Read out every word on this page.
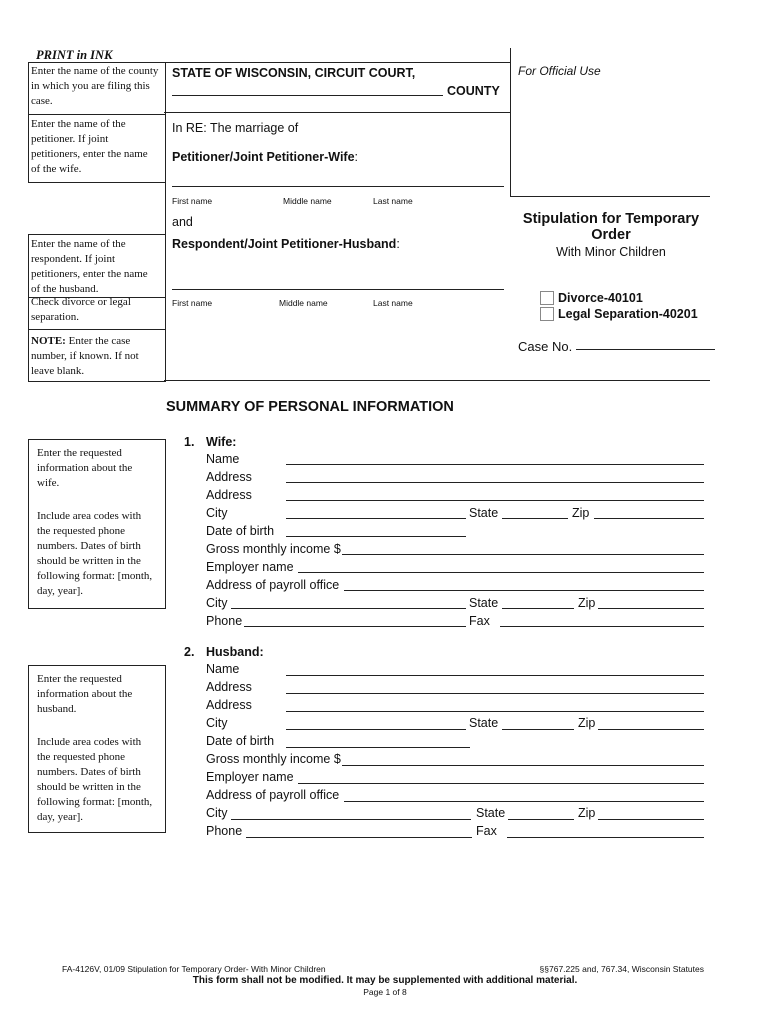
PRINT in INK
Enter the name of the county in which you are filing this case.
Enter the name of the petitioner. If joint petitioners, enter the name of the wife.
Enter the name of the respondent. If joint petitioners, enter the name of the husband.
Check divorce or legal separation.
NOTE: Enter the case number, if known. If not leave blank.
STATE OF WISCONSIN, CIRCUIT COURT,
COUNTY
For Official Use
In RE: The marriage of
Petitioner/Joint Petitioner-Wife:
First name	Middle name	Last name
and
Respondent/Joint Petitioner-Husband:
First name	Middle name	Last name
Stipulation for Temporary Order
With Minor Children
Divorce-40101
Legal Separation-40201
Case No.
SUMMARY OF PERSONAL INFORMATION
Enter the requested information about the wife.
Include area codes with the requested phone numbers. Dates of birth should be written in the following format: [month, day, year].
1. Wife:
Name
Address
Address
City	State	Zip
Date of birth
Gross monthly income $
Employer name
Address of payroll office
City	State	Zip
Phone	Fax
Enter the requested information about the husband.
Include area codes with the requested phone numbers. Dates of birth should be written in the following format: [month, day, year].
2. Husband:
Name
Address
Address
City	State	Zip
Date of birth
Gross monthly income $
Employer name
Address of payroll office
City	State	Zip
Phone	Fax
FA-4126V, 01/09 Stipulation for Temporary Order- With Minor Children	§§767.225 and, 767.34, Wisconsin Statutes
This form shall not be modified. It may be supplemented with additional material.
Page 1 of 8
